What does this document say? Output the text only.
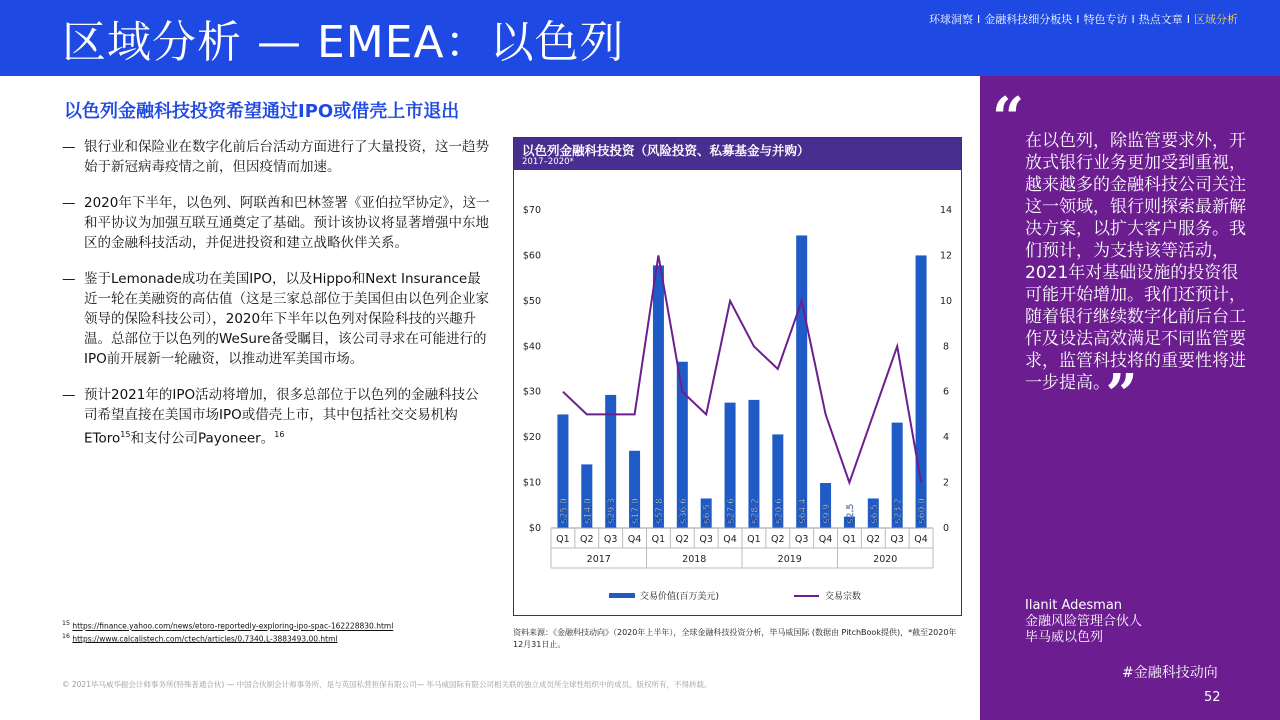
区域分析 — EMEA：以色列	环球洞察 I 金融科技细分板块 I 特色专访 I 热点文章 I 区域分析
以色列金融科技投资希望通过IPO或借壳上市退出
— 银行业和保险业在数字化前后台活动方面进行了大量投资，这一趋势始于新冠病毒疫情之前，但因疫情而加速。
— 2020年下半年，以色列、阿联酋和巴林签署《亚伯拉罕协定》，这一和平协议为加强互联互通奠定了基础。预计该协议将显著增强中东地区的金融科技活动，并促进投资和建立战略伙伴关系。
— 鉴于Lemonade成功在美国IPO，以及Hippo和Next Insurance最近一轮在美融资的高估值（这是三家总部位于美国但由以色列企业家领导的保险科技公司），2020年下半年以色列对保险科技的兴趣升温。总部位于以色列的WeSure备受瞩目，该公司寻求在可能进行的IPO前开展新一轮融资，以推动进军美国市场。
— 预计2021年的IPO活动将增加，很多总部位于以色列的金融科技公司希望直接在美国市场IPO或借壳上市，其中包括社交交易机构EToro$^{15}$和支付公司Payoneer。$^{16}$
以色列金融科技投资（风险投资、私募基金与并购）
2017–2020*
$0
$10
$20
$30
$40
$50
$60
$70
0
2
4
6
8
10
12
14
$25.0 $14.0 $29.3 $17.0 $57.8 $36.6 $6.5 $27.6 $28.2 $20.6 $64.4 $9.9 $2.5 $6.5 $23.2 $60.0
Q1 Q2 Q3 Q4 Q1 Q2 Q3 Q4 Q1 Q2 Q3 Q4 Q1 Q2 Q3 Q4
2017	2018	2019	2020
交易价值(百万美元)	交易宗数
资料来源：《金融科技动向》（2020年上半年），全球金融科技投资分析，毕马威国际 (数据由 PitchBook提供)，*截至2020年12月31日止。
$^{15}$ https://finance.yahoo.com/news/etoro-reportedly-exploring-ipo-spac-162228830.html
$^{16}$ https://www.calcalistech.com/ctech/articles/0,7340,L-3883493,00.html
© 2021毕马威华振会计师事务所(特殊普通合伙) — 中国合伙制会计师事务所，是与英国私营担保有限公司— 毕马威国际有限公司相关联的独立成员所全球性组织中的成员。版权所有，不得转载。
“ 在以色列，除监管要求外，开放式银行业务更加受到重视，越来越多的金融科技公司关注这一领域，银行则探索最新解决方案，以扩大客户服务。我们预计，为支持该等活动，2021年对基础设施的投资很可能开始增加。我们还预计，随着银行继续数字化前后台工作及设法高效满足不同监管要求，监管科技将的重要性将进一步提高。”
Ilanit Adesman
金融风险管理合伙人
毕马威以色列
#金融科技动向
52
